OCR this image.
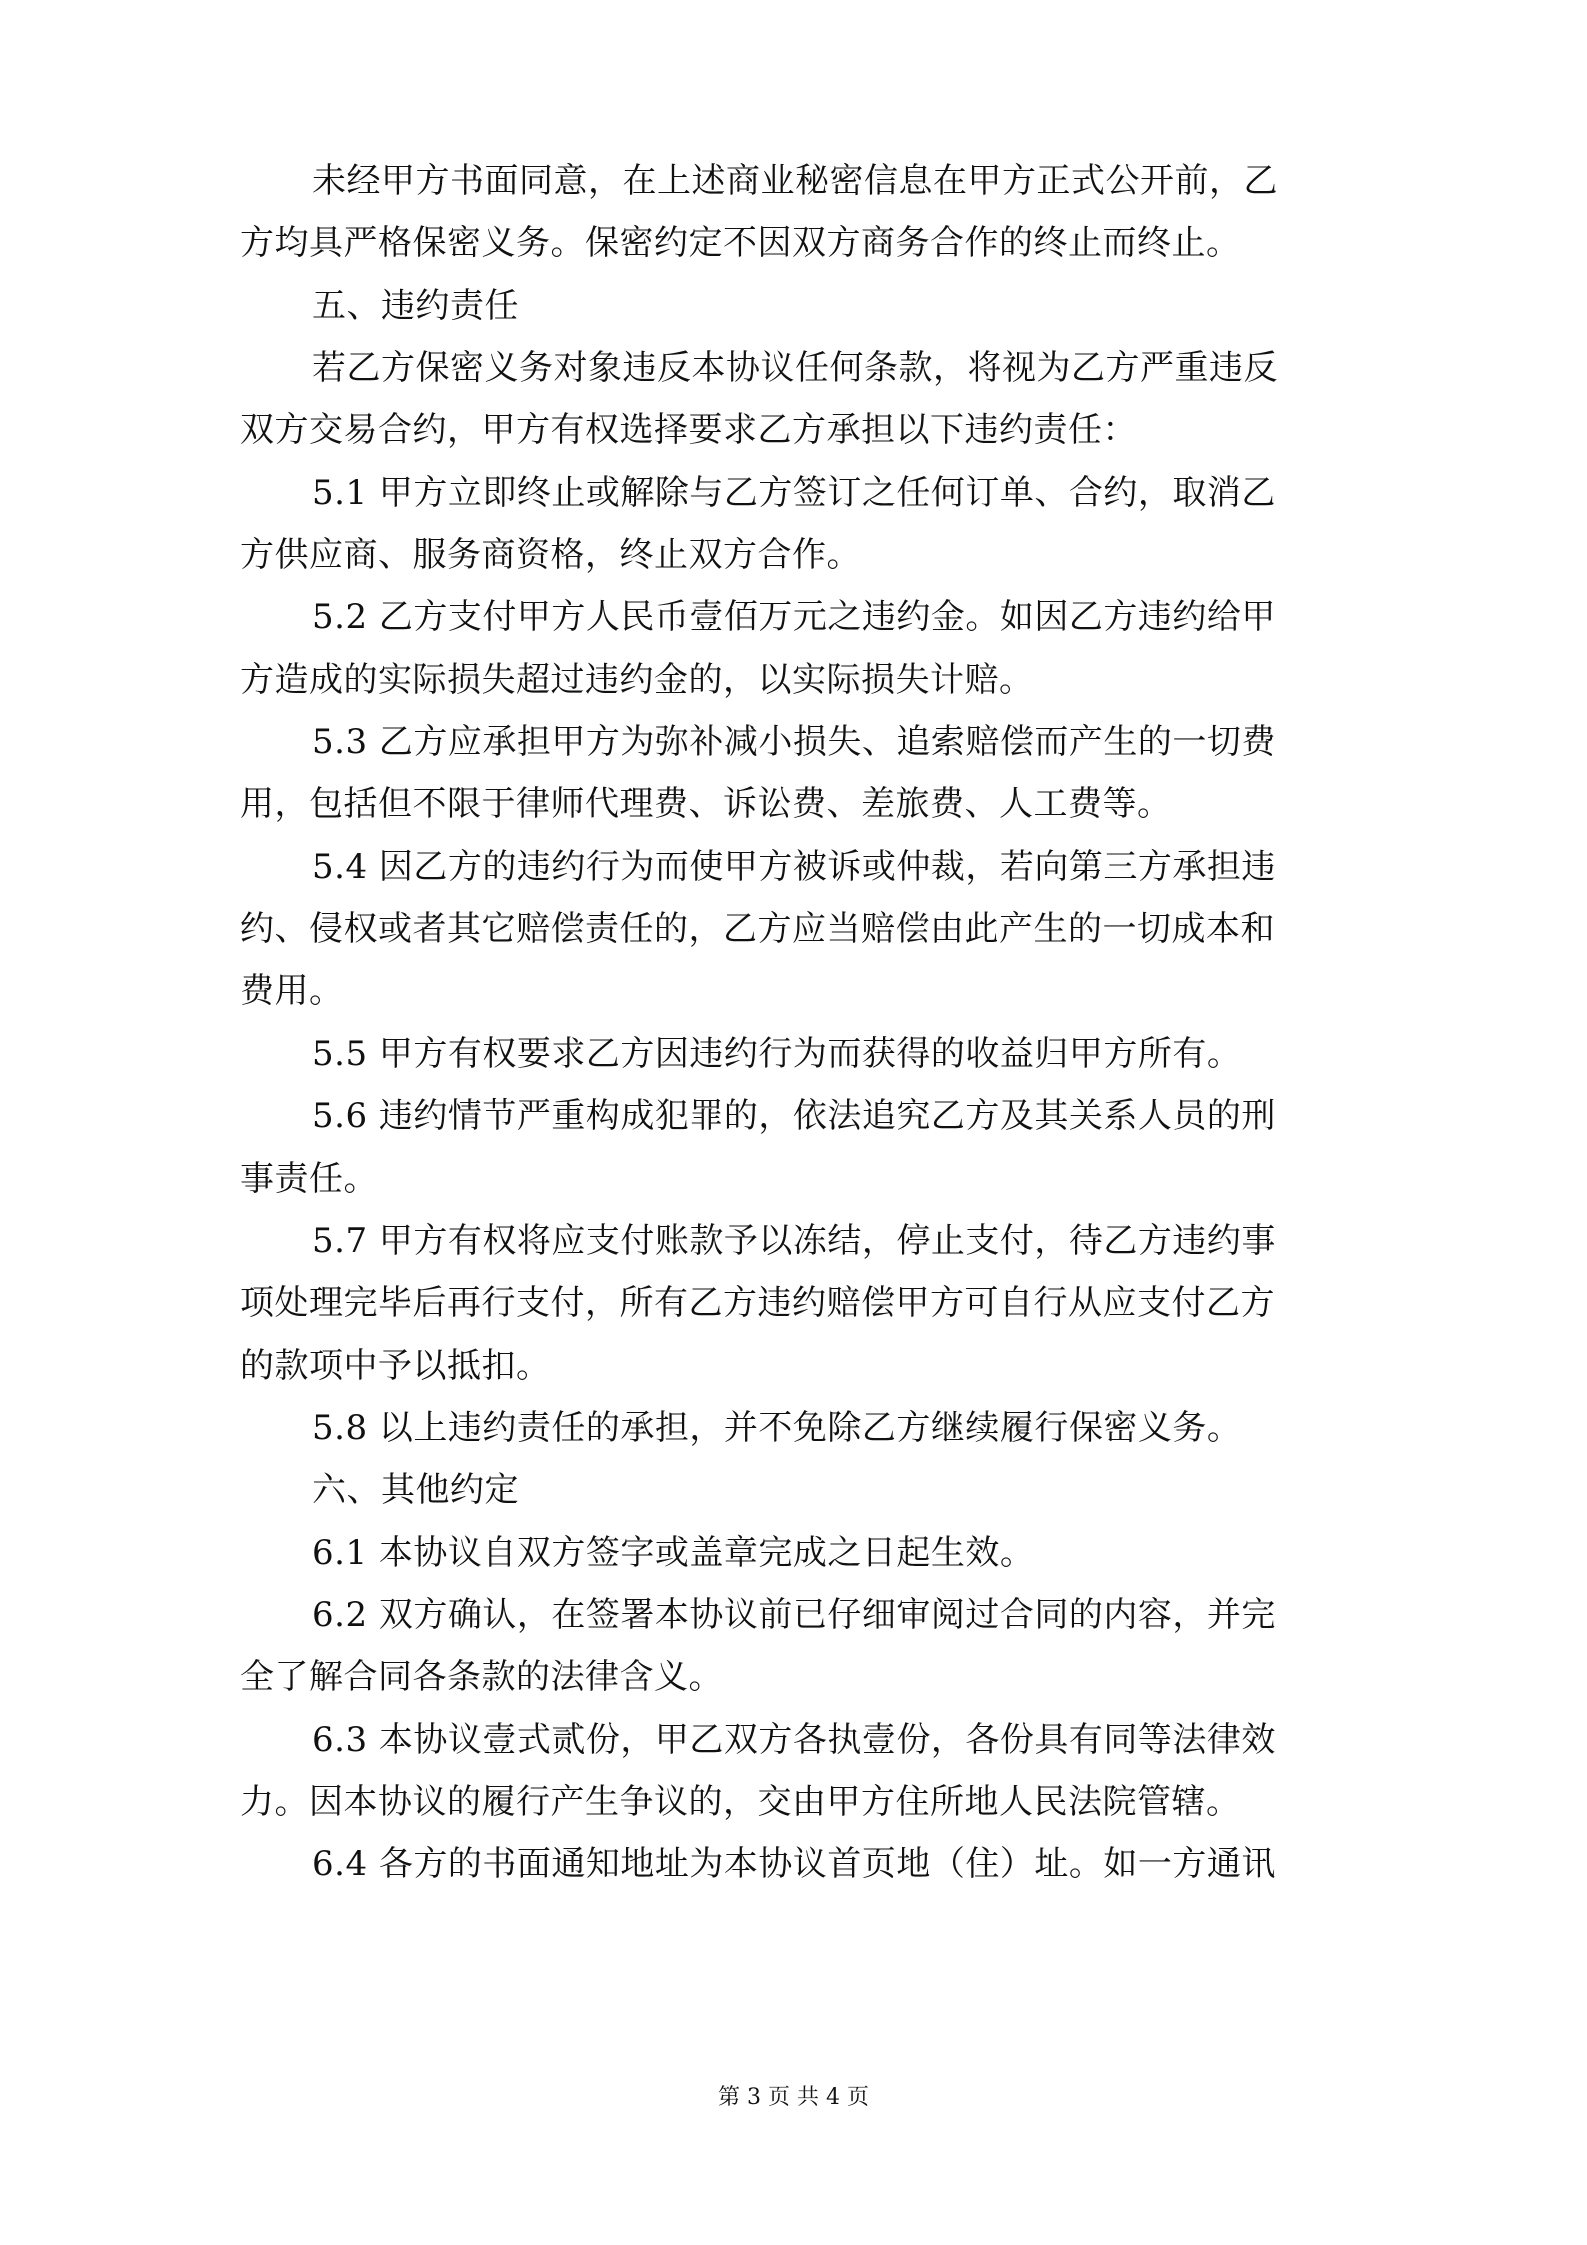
未经甲方书面同意，在上述商业秘密信息在甲方正式公开前，乙
方均具严格保密义务。保密约定不因双方商务合作的终止而终止。
五、违约责任
若乙方保密义务对象违反本协议任何条款，将视为乙方严重违反
双方交易合约，甲方有权选择要求乙方承担以下违约责任：
5.1 甲方立即终止或解除与乙方签订之任何订单、合约，取消乙
方供应商、服务商资格，终止双方合作。
5.2 乙方支付甲方人民币壹佰万元之违约金。如因乙方违约给甲
方造成的实际损失超过违约金的，以实际损失计赔。
5.3 乙方应承担甲方为弥补减小损失、追索赔偿而产生的一切费
用，包括但不限于律师代理费、诉讼费、差旅费、人工费等。
5.4 因乙方的违约行为而使甲方被诉或仲裁，若向第三方承担违
约、侵权或者其它赔偿责任的，乙方应当赔偿由此产生的一切成本和
费用。
5.5 甲方有权要求乙方因违约行为而获得的收益归甲方所有。
5.6 违约情节严重构成犯罪的，依法追究乙方及其关系人员的刑
事责任。
5.7 甲方有权将应支付账款予以冻结，停止支付，待乙方违约事
项处理完毕后再行支付，所有乙方违约赔偿甲方可自行从应支付乙方
的款项中予以抵扣。
5.8 以上违约责任的承担，并不免除乙方继续履行保密义务。
六、其他约定
6.1 本协议自双方签字或盖章完成之日起生效。
6.2 双方确认，在签署本协议前已仔细审阅过合同的内容，并完
全了解合同各条款的法律含义。
6.3 本协议壹式贰份，甲乙双方各执壹份，各份具有同等法律效
力。因本协议的履行产生争议的，交由甲方住所地人民法院管辖。
6.4 各方的书面通知地址为本协议首页地（住）址。如一方通讯
第 3 页 共 4 页
